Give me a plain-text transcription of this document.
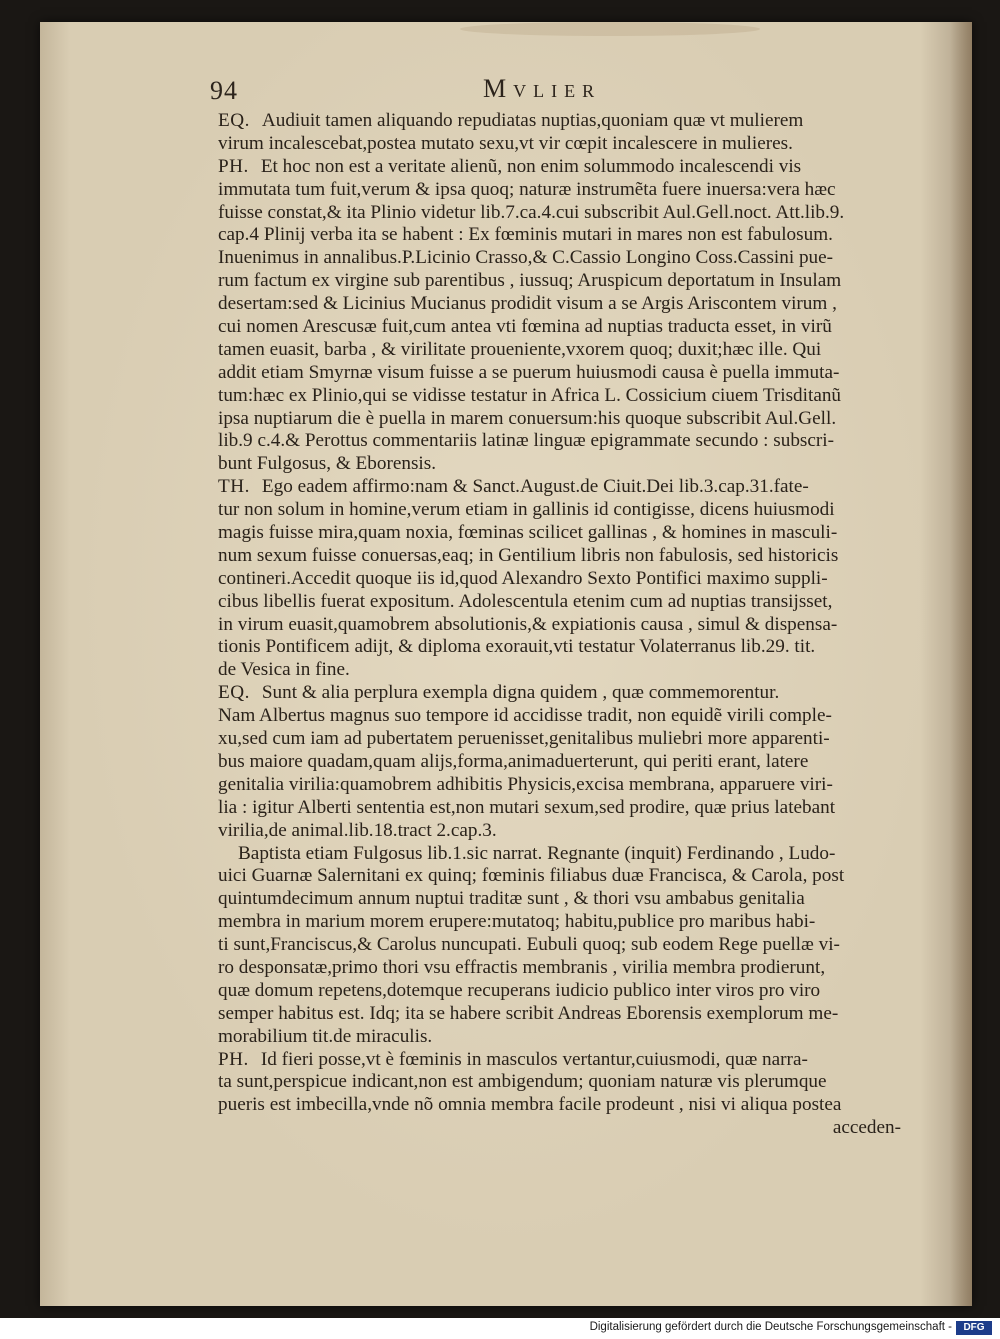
94	Mvlier
EQ. Audiuit tamen aliquando repudiatas nuptias,quoniam quæ vt mulierem
virum incalescebat,postea mutato sexu,vt vir cœpit incalescere in mulieres.
PH. Et hoc non est a veritate alienũ, non enim solummodo incalescendi vis
immutata tum fuit,verum & ipsa quoq; naturæ instrumẽta fuere inuersa:vera hæc
fuisse constat,& ita Plinio videtur lib.7.ca.4.cui subscribit Aul.Gell.noct. Att.lib.9.
cap.4 Plinij verba ita se habent : Ex fœminis mutari in mares non est fabulosum.
Inuenimus in annalibus.P.Licinio Crasso,& C.Cassio Longino Coss.Cassini pue-
rum factum ex virgine sub parentibus , iussuq; Aruspicum deportatum in Insulam
desertam:sed & Licinius Mucianus prodidit visum a se Argis Ariscontem virum ,
cui nomen Arescusæ fuit,cum antea vti fœmina ad nuptias traducta esset, in virũ
tamen euasit, barba , & virilitate proueniente,vxorem quoq; duxit;hæc ille. Qui
addit etiam Smyrnæ visum fuisse a se puerum huiusmodi causa è puella immuta-
tum:hæc ex Plinio,qui se vidisse testatur in Africa L. Cossicium ciuem Trisditanũ
ipsa nuptiarum die è puella in marem conuersum:his quoque subscribit Aul.Gell.
lib.9 c.4.& Perottus commentariis latinæ linguæ epigrammate secundo : subscri-
bunt Fulgosus, & Eborensis.
TH. Ego eadem affirmo:nam & Sanct.August.de Ciuit.Dei lib.3.cap.31.fate-
tur non solum in homine,verum etiam in gallinis id contigisse, dicens huiusmodi
magis fuisse mira,quam noxia, fœminas scilicet gallinas , & homines in masculi-
num sexum fuisse conuersas,eaq; in Gentilium libris non fabulosis, sed historicis
contineri.Accedit quoque iis id,quod Alexandro Sexto Pontifici maximo suppli-
cibus libellis fuerat expositum. Adolescentula etenim cum ad nuptias transijsset,
in virum euasit,quamobrem absolutionis,& expiationis causa , simul & dispensa-
tionis Pontificem adijt, & diploma exorauit,vti testatur Volaterranus lib.29. tit.
de Vesica in fine.
EQ. Sunt & alia perplura exempla digna quidem , quæ commemorentur.
Nam Albertus magnus suo tempore id accidisse tradit, non equidẽ virili comple-
xu,sed cum iam ad pubertatem peruenisset,genitalibus muliebri more apparenti-
bus maiore quadam,quam alijs,forma,animaduerterunt, qui periti erant, latere
genitalia virilia:quamobrem adhibitis Physicis,excisa membrana, apparuere viri-
lia : igitur Alberti sententia est,non mutari sexum,sed prodire, quæ prius latebant
virilia,de animal.lib.18.tract 2.cap.3.
Baptista etiam Fulgosus lib.1.sic narrat. Regnante (inquit) Ferdinando , Ludo-
uici Guarnæ Salernitani ex quinq; fœminis filiabus duæ Francisca, & Carola, post
quintumdecimum annum nuptui traditæ sunt , & thori vsu ambabus genitalia
membra in marium morem erupere:mutatoq; habitu,publice pro maribus habi-
ti sunt,Franciscus,& Carolus nuncupati. Eubuli quoq; sub eodem Rege puellæ vi-
ro desponsatæ,primo thori vsu effractis membranis , virilia membra prodierunt,
quæ domum repetens,dotemque recuperans iudicio publico inter viros pro viro
semper habitus est. Idq; ita se habere scribit Andreas Eborensis exemplorum me-
morabilium tit.de miraculis.
PH. Id fieri posse,vt è fœminis in masculos vertantur,cuiusmodi, quæ narra-
ta sunt,perspicue indicant,non est ambigendum; quoniam naturæ vis plerumque
pueris est imbecilla,vnde nõ omnia membra facile prodeunt , nisi vi aliqua postea
acceden-
Digitalisierung gefördert durch die Deutsche Forschungsgemeinschaft -	DFG
